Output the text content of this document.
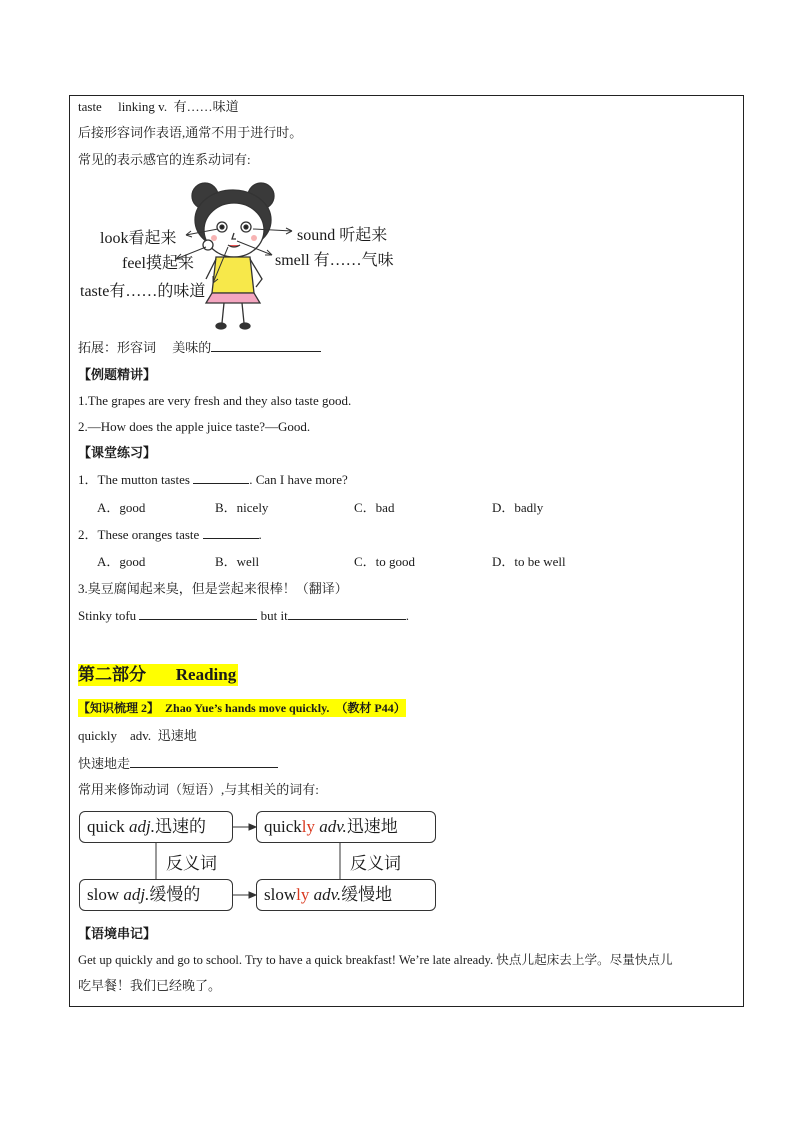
taste linking v. 有……味道
后接形容词作表语,通常不用于进行时。
常见的表示感官的连系动词有:
look看起来
feel摸起来
taste有……的味道
sound 听起来
smell 有……气味
拓展：形容词　 美味的
【例题精讲】
1.The grapes are very fresh and they also taste good.
2.—How does the apple juice taste?—Good.
【课堂练习】
1．The mutton tastes	. Can I have more?
A．good	B．nicely	C．bad	D．badly
2．These oranges taste	.
A．good	B．well	C．to good	D．to be well
3.臭豆腐闻起来臭，但是尝起来很棒！（翻译）
Stinky tofu	but it	.
第二部分 Reading
【知识梳理 2】 Zhao Yue’s hands move quickly. （教材 P44）
quickly adv. 迅速地
快速地走
常用来修饰动词（短语）,与其相关的词有:
quick adj.迅速的	quickly adv.迅速地
slow adj.缓慢的	slowly adv.缓慢地
反义词	反义词
【语境串记】
Get up quickly and go to school. Try to have a quick breakfast! We’re late already. 快点儿起床去上学。尽量快点儿
吃早餐！我们已经晚了。
